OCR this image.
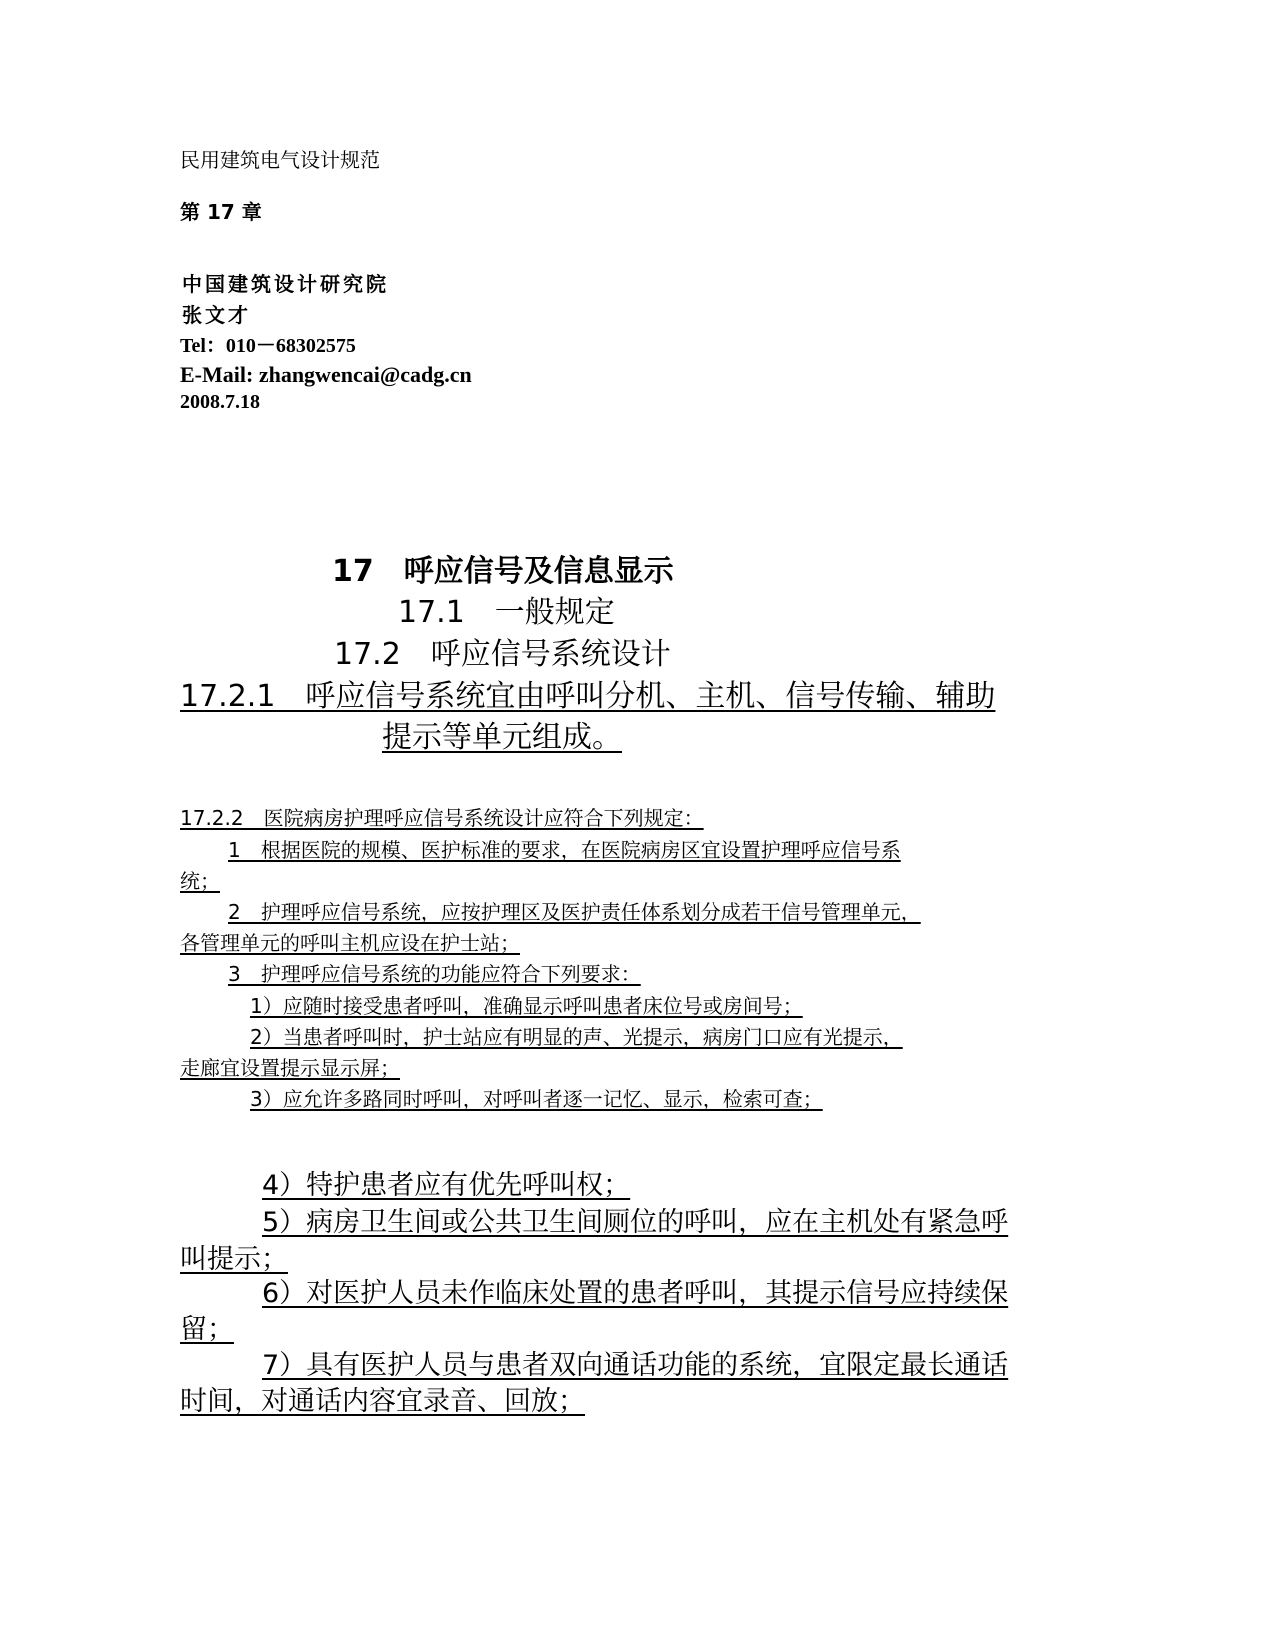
民用建筑电气设计规范
第 17 章
中国建筑设计研究院
张文才
Tel：010－68302575
E-Mail: zhangwencai@cadg.cn
2008.7.18
17　呼应信号及信息显示
17.1　一般规定
17.2　呼应信号系统设计
17.2.1　呼应信号系统宜由呼叫分机、主机、信号传输、辅助
提示等单元组成。
17.2.2　医院病房护理呼应信号系统设计应符合下列规定：
1　根据医院的规模、医护标准的要求，在医院病房区宜设置护理呼应信号系
统；
2　护理呼应信号系统，应按护理区及医护责任体系划分成若干信号管理单元，
各管理单元的呼叫主机应设在护士站；
3　护理呼应信号系统的功能应符合下列要求：
1）应随时接受患者呼叫，准确显示呼叫患者床位号或房间号；
2）当患者呼叫时，护士站应有明显的声、光提示，病房门口应有光提示，
走廊宜设置提示显示屏；
3）应允许多路同时呼叫，对呼叫者逐一记忆、显示，检索可查；
4）特护患者应有优先呼叫权；
5）病房卫生间或公共卫生间厕位的呼叫，应在主机处有紧急呼
叫提示；
6）对医护人员未作临床处置的患者呼叫，其提示信号应持续保
留；
7）具有医护人员与患者双向通话功能的系统，宜限定最长通话
时间，对通话内容宜录音、回放；
